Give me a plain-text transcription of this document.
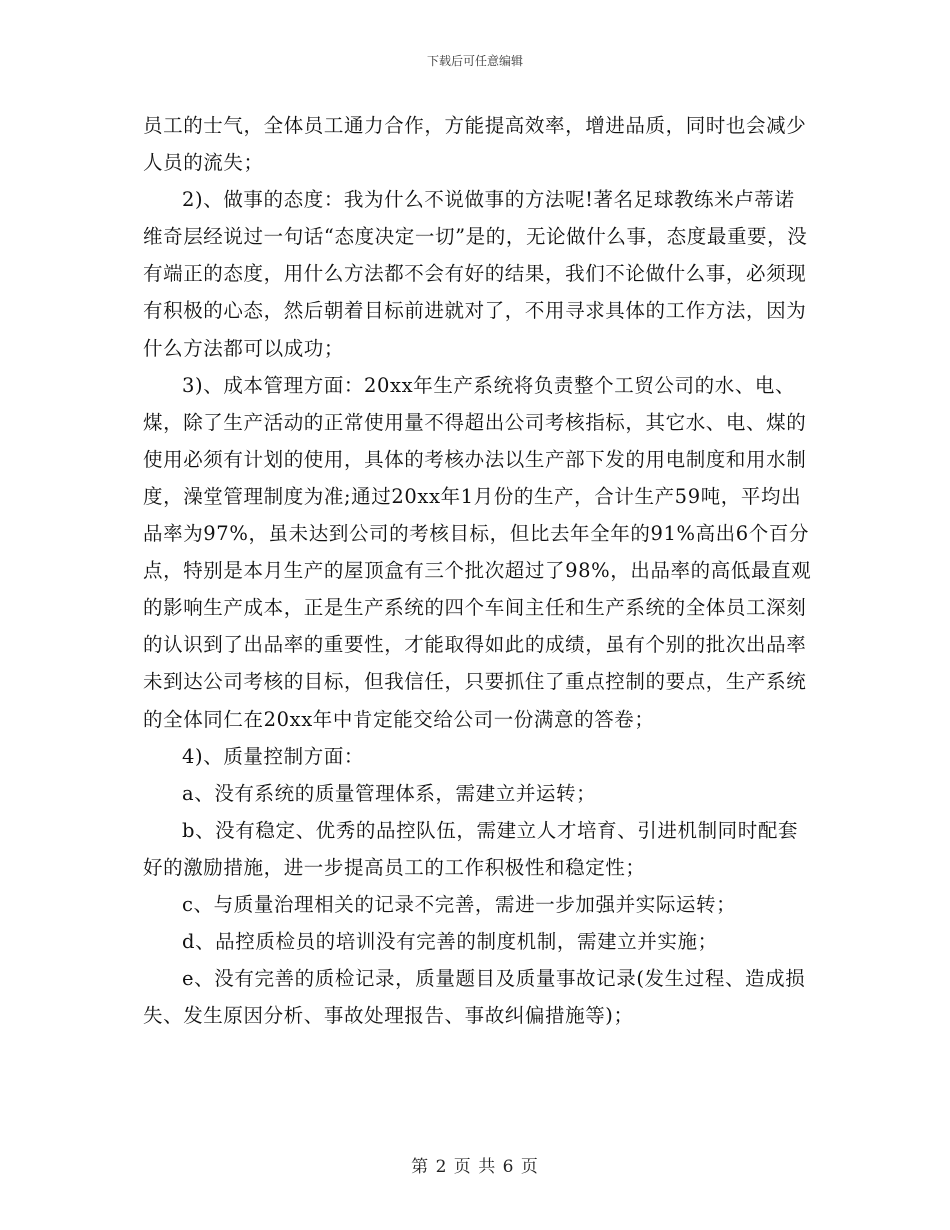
下载后可任意编辑

员工的士气，全体员工通力合作，方能提高效率，增进品质，同时也会减少人员的流失；

2)、做事的态度：我为什么不说做事的方法呢!著名足球教练米卢蒂诺维奇层经说过一句话“态度决定一切”是的，无论做什么事，态度最重要，没有端正的态度，用什么方法都不会有好的结果，我们不论做什么事，必须现有积极的心态，然后朝着目标前进就对了，不用寻求具体的工作方法，因为什么方法都可以成功；

3)、成本管理方面：20xx年生产系统将负责整个工贸公司的水、电、煤，除了生产活动的正常使用量不得超出公司考核指标，其它水、电、煤的使用必须有计划的使用，具体的考核办法以生产部下发的用电制度和用水制度，澡堂管理制度为准;通过20xx年1月份的生产，合计生产59吨，平均出品率为97%，虽未达到公司的考核目标，但比去年全年的91%高出6个百分点，特别是本月生产的屋顶盒有三个批次超过了98%，出品率的高低最直观的影响生产成本，正是生产系统的四个车间主任和生产系统的全体员工深刻的认识到了出品率的重要性，才能取得如此的成绩，虽有个别的批次出品率未到达公司考核的目标，但我信任，只要抓住了重点控制的要点，生产系统的全体同仁在20xx年中肯定能交给公司一份满意的答卷；

4)、质量控制方面：

a、没有系统的质量管理体系，需建立并运转；

b、没有稳定、优秀的品控队伍，需建立人才培育、引进机制同时配套好的激励措施，进一步提高员工的工作积极性和稳定性；

c、与质量治理相关的记录不完善，需进一步加强并实际运转；

d、品控质检员的培训没有完善的制度机制，需建立并实施；

e、没有完善的质检记录，质量题目及质量事故记录(发生过程、造成损失、发生原因分析、事故处理报告、事故纠偏措施等)；

第 2 页 共 6 页
